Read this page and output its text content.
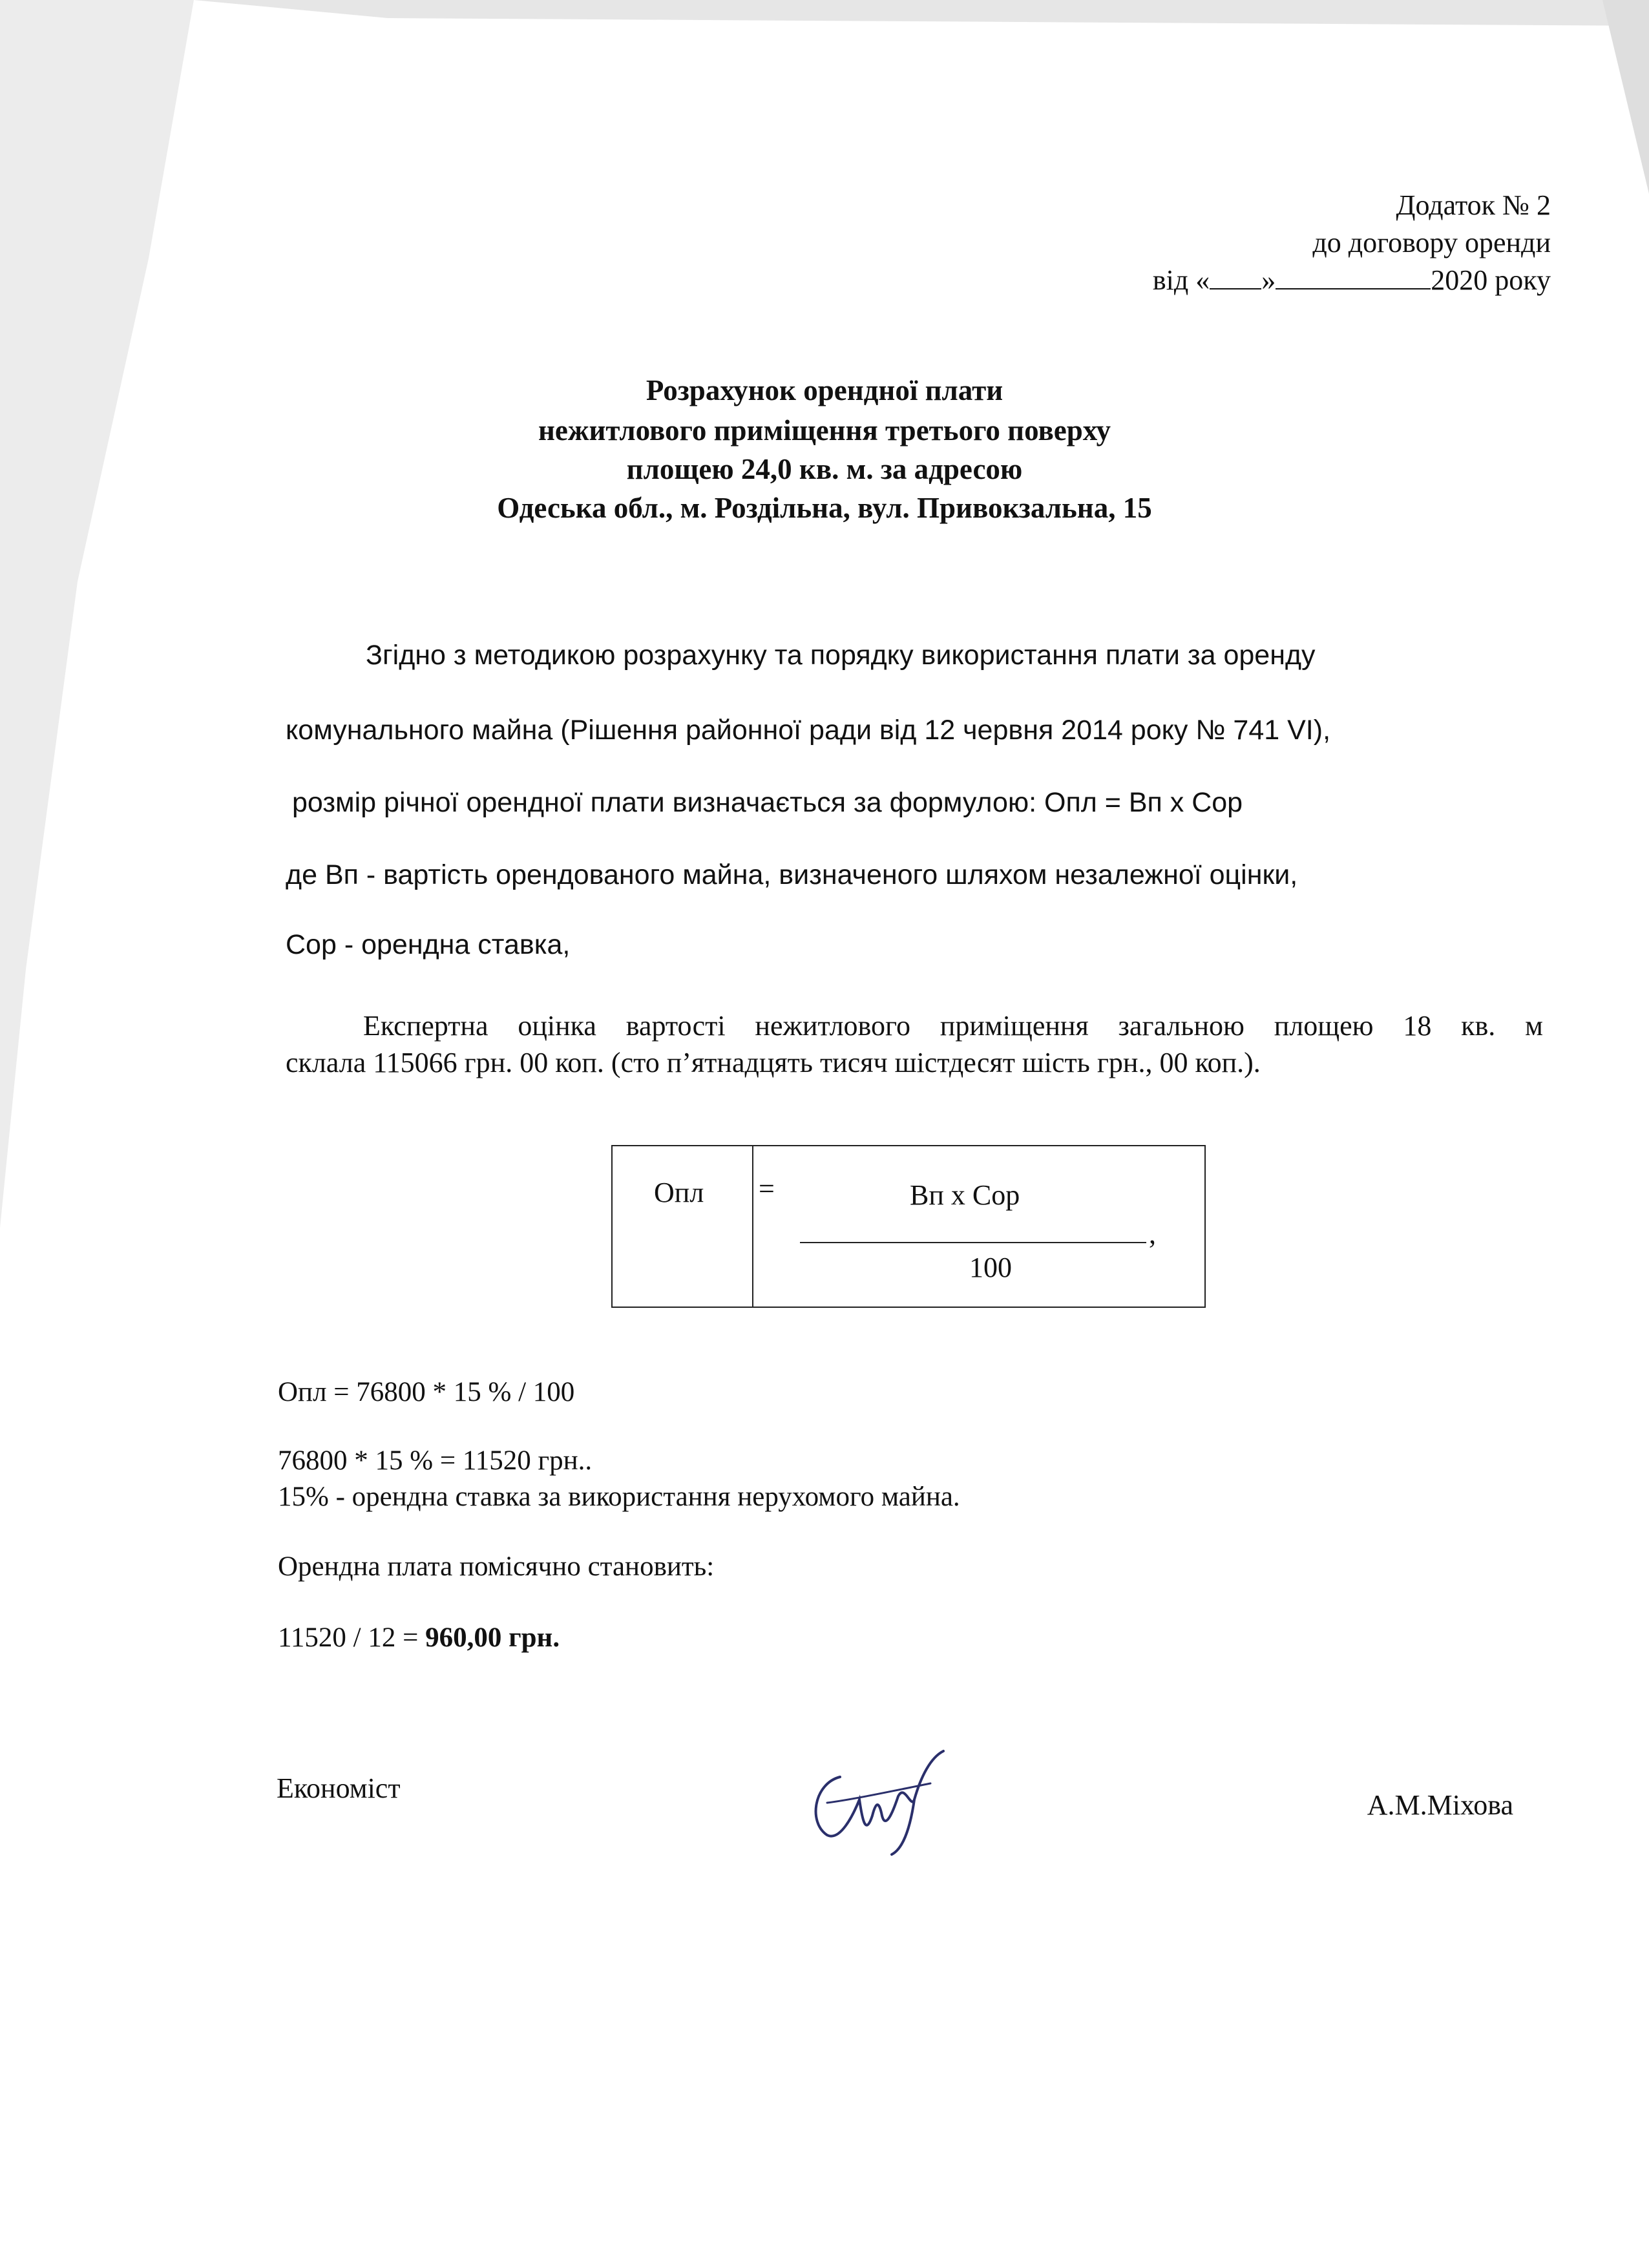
Додаток № 2
до договору оренди
від « »	2020 року
Розрахунок орендної плати
нежитлового приміщення третього поверху
площею 24,0 кв. м. за адресою
Одеська обл., м. Роздільна, вул. Привокзальна, 15
Згідно з методикою розрахунку та порядку використання плати за оренду
комунального майна (Рішення районної ради від 12 червня 2014 року № 741 VI),
розмір річної орендної плати визначається за формулою: Опл = Вп х Сор
де Вп - вартість орендованого майна, визначеного шляхом незалежної оцінки,
Сор - орендна ставка,
Експертна оцінка вартості нежитлового приміщення загальною площею 18 кв. м
склала 115066 грн. 00 коп. (сто п’ятнадцять тисяч шістдесят шість грн., 00 коп.).
Опл =	Вп х Сор
,
100
Опл = 76800 * 15 % / 100
76800 * 15 % = 11520 грн..
15% - орендна ставка за використання нерухомого майна.
Орендна плата помісячно становить:
11520 / 12 = 960,00 грн.
Економіст
А.М.Міхова
